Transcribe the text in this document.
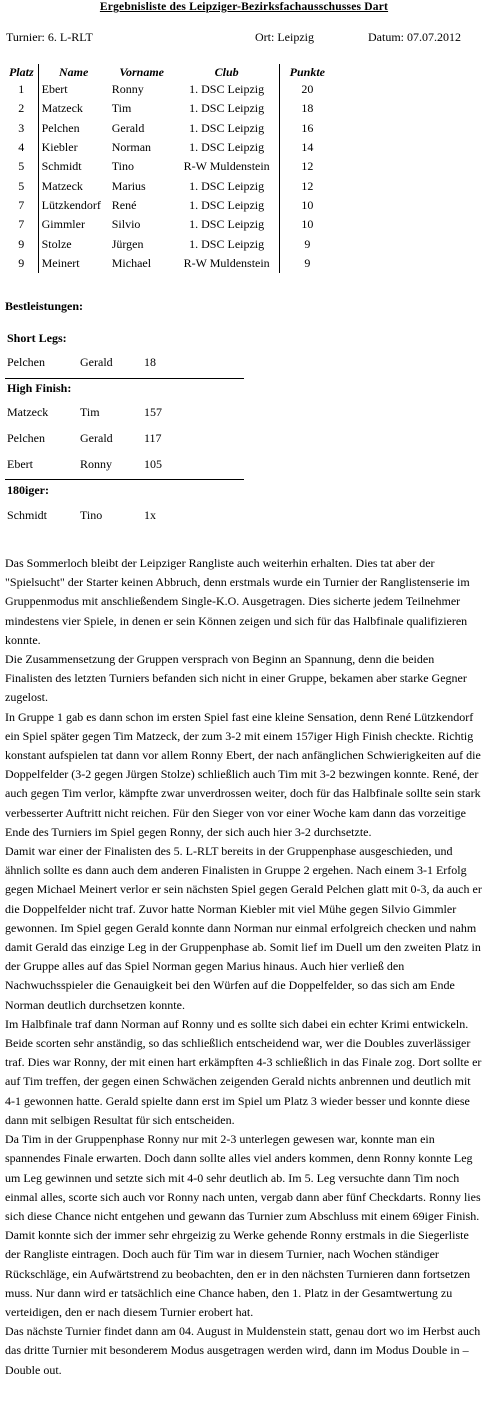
Ergebnisliste des Leipziger-Bezirksfachausschusses Dart
Turnier: 6. L-RLT	Ort: Leipzig	Datum: 07.07.2012
Platz	Name	Vorname	Club	Punkte
1	Ebert	Ronny	1. DSC Leipzig	20
2	Matzeck	Tim	1. DSC Leipzig	18
3	Pelchen	Gerald	1. DSC Leipzig	16
4	Kiebler	Norman	1. DSC Leipzig	14
5	Schmidt	Tino	R-W Muldenstein	12
5	Matzeck	Marius	1. DSC Leipzig	12
7	Lützkendorf	René	1. DSC Leipzig	10
7	Gimmler	Silvio	1. DSC Leipzig	10
9	Stolze	Jürgen	1. DSC Leipzig	9
9	Meinert	Michael	R-W Muldenstein	9
Bestleistungen:
Short Legs:
Pelchen	Gerald	18
High Finish:
Matzeck	Tim	157
Pelchen	Gerald	117
Ebert	Ronny	105
180iger:
Schmidt	Tino	1x

Das Sommerloch bleibt der Leipziger Rangliste auch weiterhin erhalten. Dies tat aber der "Spielsucht" der Starter keinen Abbruch, denn erstmals wurde ein Turnier der Ranglistenserie im Gruppenmodus mit anschließendem Single-K.O. Ausgetragen. Dies sicherte jedem Teilnehmer mindestens vier Spiele, in denen er sein Können zeigen und sich für das Halbfinale qualifizieren konnte.

Die Zusammensetzung der Gruppen versprach von Beginn an Spannung, denn die beiden Finalisten des letzten Turniers befanden sich nicht in einer Gruppe, bekamen aber starke Gegner zugelost.

In Gruppe 1 gab es dann schon im ersten Spiel fast eine kleine Sensation, denn René Lützkendorf ein Spiel später gegen Tim Matzeck, der zum 3-2 mit einem 157iger High Finish checkte. Richtig konstant aufspielen tat dann vor allem Ronny Ebert, der nach anfänglichen Schwierigkeiten auf die Doppelfelder (3-2 gegen Jürgen Stolze) schließlich auch Tim mit 3-2 bezwingen konnte. René, der auch gegen Tim verlor, kämpfte zwar unverdrossen weiter, doch für das Halbfinale sollte sein stark verbesserter Auftritt nicht reichen. Für den Sieger von vor einer Woche kam dann das vorzeitige Ende des Turniers im Spiel gegen Ronny, der sich auch hier 3-2 durchsetzte.

Damit war einer der Finalisten des 5. L-RLT bereits in der Gruppenphase ausgeschieden, und ähnlich sollte es dann auch dem anderen Finalisten in Gruppe 2 ergehen. Nach einem 3-1 Erfolg gegen Michael Meinert verlor er sein nächsten Spiel gegen Gerald Pelchen glatt mit 0-3, da auch er die Doppelfelder nicht traf. Zuvor hatte Norman Kiebler mit viel Mühe gegen Silvio Gimmler gewonnen. Im Spiel gegen Gerald konnte dann Norman nur einmal erfolgreich checken und nahm damit Gerald das einzige Leg in der Gruppenphase ab. Somit lief im Duell um den zweiten Platz in der Gruppe alles auf das Spiel Norman gegen Marius hinaus. Auch hier verließ den Nachwuchsspieler die Genauigkeit bei den Würfen auf die Doppelfelder, so das sich am Ende Norman deutlich durchsetzen konnte.

Im Halbfinale traf dann Norman auf Ronny und es sollte sich dabei ein echter Krimi entwickeln. Beide scorten sehr anständig, so das schließlich entscheidend war, wer die Doubles zuverlässiger traf. Dies war Ronny, der mit einen hart erkämpften 4-3 schließlich in das Finale zog. Dort sollte er auf Tim treffen, der gegen einen Schwächen zeigenden Gerald nichts anbrennen und deutlich mit 4-1 gewonnen hatte. Gerald spielte dann erst im Spiel um Platz 3 wieder besser und konnte diese dann mit selbigen Resultat für sich entscheiden.

Da Tim in der Gruppenphase Ronny nur mit 2-3 unterlegen gewesen war, konnte man ein spannendes Finale erwarten. Doch dann sollte alles viel anders kommen, denn Ronny konnte Leg um Leg gewinnen und setzte sich mit 4-0 sehr deutlich ab. Im 5. Leg versuchte dann Tim noch einmal alles, scorte sich auch vor Ronny nach unten, vergab dann aber fünf Checkdarts. Ronny lies sich diese Chance nicht entgehen und gewann das Turnier zum Abschluss mit einem 69iger Finish.

Damit konnte sich der immer sehr ehrgeizig zu Werke gehende Ronny erstmals in die Siegerliste der Rangliste eintragen. Doch auch für Tim war in diesem Turnier, nach Wochen ständiger Rückschläge, ein Aufwärtstrend zu beobachten, den er in den nächsten Turnieren dann fortsetzen muss. Nur dann wird er tatsächlich eine Chance haben, den 1. Platz in der Gesamtwertung zu verteidigen, den er nach diesem Turnier erobert hat.

Das nächste Turnier findet dann am 04. August in Muldenstein statt, genau dort wo im Herbst auch das dritte Turnier mit besonderem Modus ausgetragen werden wird, dann im Modus Double in – Double out.
